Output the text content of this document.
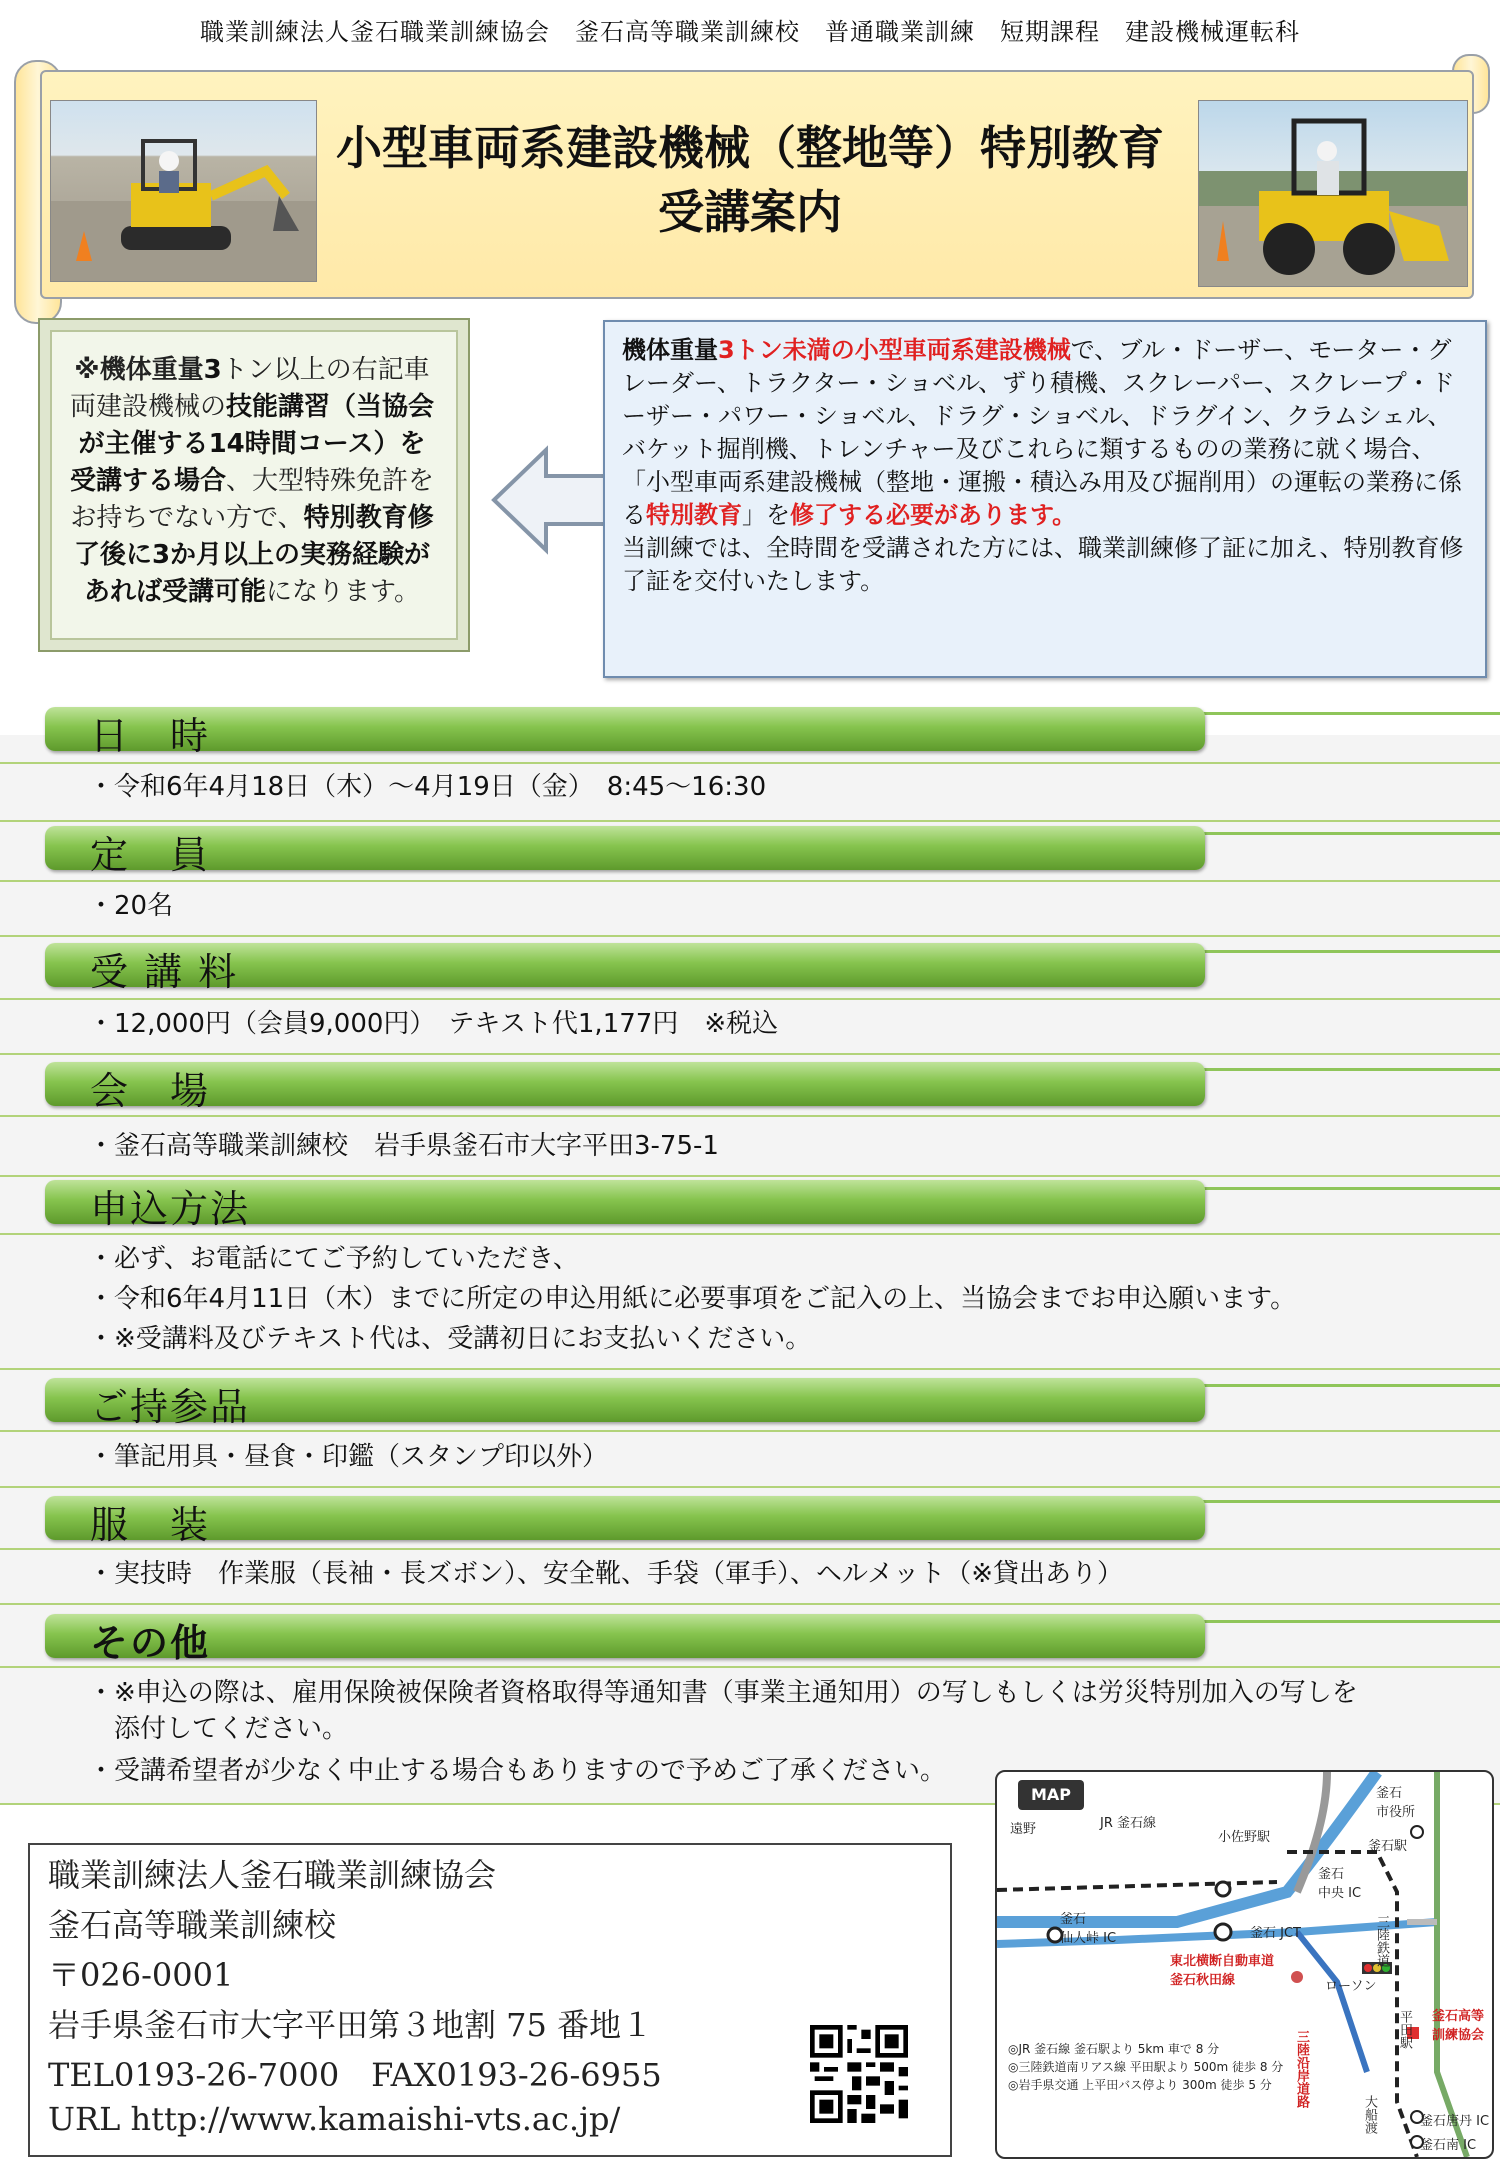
職業訓練法人釜石職業訓練協会　釜石高等職業訓練校　普通職業訓練　短期課程　建設機械運転科
小型車両系建設機械（整地等）特別教育
受講案内
※機体重量3トン以上の右記車両建設機械の技能講習（当協会が主催する14時間コース）を受講する場合、大型特殊免許をお持ちでない方で、特別教育修了後に3か月以上の実務経験があれば受講可能になります。
機体重量3トン未満の小型車両系建設機械で、ブル・ドーザー、モーター・グレーダー、トラクター・ショベル、ずり積機、スクレーパー、スクレープ・ドーザー・パワー・ショベル、ドラグ・ショベル、ドラグイン、クラムシェル、バケット掘削機、トレンチャー及びこれらに類するものの業務に就く場合、「小型車両系建設機械（整地・運搬・積込み用及び掘削用）の運転の業務に係る特別教育」を修了する必要があります。
当訓練では、全時間を受講された方には、職業訓練修了証に加え、特別教育修了証を交付いたします。
日　時
・令和6年4月18日（木）～4月19日（金）　8:45～16:30
定　員
・20名
受 講 料
・12,000円（会員9,000円）　テキスト代1,177円　※税込
会　場
・釜石高等職業訓練校　岩手県釜石市大字平田3-75-1
申込方法
・必ず、お電話にてご予約していただき、
・令和6年4月11日（木）までに所定の申込用紙に必要事項をご記入の上、当協会までお申込願います。
・※受講料及びテキスト代は、受講初日にお支払いください。
ご持参品
・筆記用具・昼食・印鑑（スタンプ印以外）
服　装
・実技時　作業服（長袖・長ズボン）、安全靴、手袋（軍手）、ヘルメット（※貸出あり）
その他
・※申込の際は、雇用保険被保険者資格取得等通知書（事業主通知用）の写しもしくは労災特別加入の写しを
　添付してください。
・受講希望者が少なく中止する場合もありますので予めご了承ください。
職業訓練法人釜石職業訓練協会
釜石高等職業訓練校
〒026-0001
岩手県釜石市大字平田第３地割 75 番地１
TEL0193-26-7000　FAX0193-26-6955
URL http://www.kamaishi-vts.ac.jp/
MAP
遠野	JR 釜石線
小佐野駅
釜石駅
釜石
市役所
釜石
中央 IC
釜石
仙人峠 IC	釜石 JCT
東北横断自動車道
釜石秋田線
三陸鉄道
ローソン
平田駅 釜石高等
訓練協会
三陸沿岸道路
大船渡	釜石唐丹 IC
釜石南 IC
◎JR 釜石線 釜石駅より 5km 車で 8 分
◎三陸鉄道南リアス線 平田駅より 500m 徒歩 8 分
◎岩手県交通 上平田バス停より 300m 徒歩 5 分
